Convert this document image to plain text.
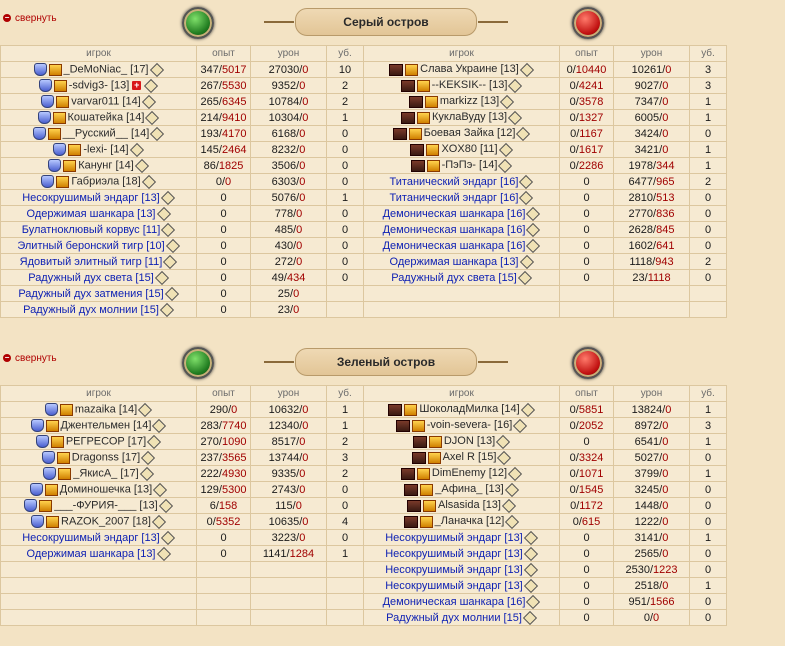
− свернуть	Серый остров
игрок	опыт	урон	уб.	игрок	опыт	урон	уб.
_DeMoNiac_ [17]	347/5017	27030/0	10	Слава Украине [13]	0/10440	10261/0	3
-sdvig3- [13] +	267/5530	9352/0	2	--KEKSIK-- [13]	0/4241	9027/0	3
varvar011 [14]	265/6345	10784/0	2	markizz [13]	0/3578	7347/0	1
Кошатейка [14]	214/9410	10304/0	1	КуклаВуду [13]	0/1327	6005/0	1
__Русский__ [14]	193/4170	6168/0	0	Боевая Зайка [12]	0/1167	3424/0	0
-lexi- [14]	145/2464	8232/0	0	XOX80 [11]	0/1617	3421/0	1
Канунг [14]	86/1825	3506/0	0	-ПэПэ- [14]	0/2286	1978/344	1
Габриэла [18]	0/0	6303/0	0	Титанический эндарг [16]	0	6477/965	2
Несокрушимый эндарг [13]	0	5076/0	1	Титанический эндарг [16]	0	2810/513	0
Одержимая шанкара [13]	0	778/0	0	Демоническая шанкара [16]	0	2770/836	0
Булатноклювый корвус [11]	0	485/0	0	Демоническая шанкара [16]	0	2628/845	0
Элитный беронский тигр [10]	0	430/0	0	Демоническая шанкара [16]	0	1602/641	0
Ядовитый элитный тигр [11]	0	272/0	0	Одержимая шанкара [13]	0	1118/943	2
Радужный дух света [15]	0	49/434	0	Радужный дух света [15]	0	23/1118	0
Радужный дух затмения [15]	0	25/0					
Радужный дух молнии [15]	0	23/0					
− свернуть	Зеленый остров
игрок	опыт	урон	уб.	игрок	опыт	урон	уб.
mazaika [14]	290/0	10632/0	1	ШоколадМилка [14]	0/5851	13824/0	1
Джентельмен [14]	283/7740	12340/0	1	-voin-severa- [16]	0/2052	8972/0	3
РЕГРЕСОР [17]	270/1090	8517/0	2	DJON [13]	0	6541/0	1
Dragonss [17]	237/3565	13744/0	3	Axel R [15]	0/3324	5027/0	0
_ЯкисА_ [17]	222/4930	9335/0	2	DimEnemy [12]	0/1071	3799/0	1
Доминошечка [13]	129/5300	2743/0	0	_Афина_ [13]	0/1545	3245/0	0
___-ФУРИЯ-___ [13]	6/158	115/0	0	Alsasida [13]	0/1172	1448/0	0
RAZOK_2007 [18]	0/5352	10635/0	4	_Ланачка [12]	0/615	1222/0	0
Несокрушимый эндарг [13]	0	3223/0	0	Несокрушимый эндарг [13]	0	3141/0	1
Одержимая шанкара [13]	0	1141/1284	1	Несокрушимый эндарг [13]	0	2565/0	0
				Несокрушимый эндарг [13]	0	2530/1223	0
				Несокрушимый эндарг [13]	0	2518/0	1
				Демоническая шанкара [16]	0	951/1566	0
				Радужный дух молнии [15]	0	0/0	0
